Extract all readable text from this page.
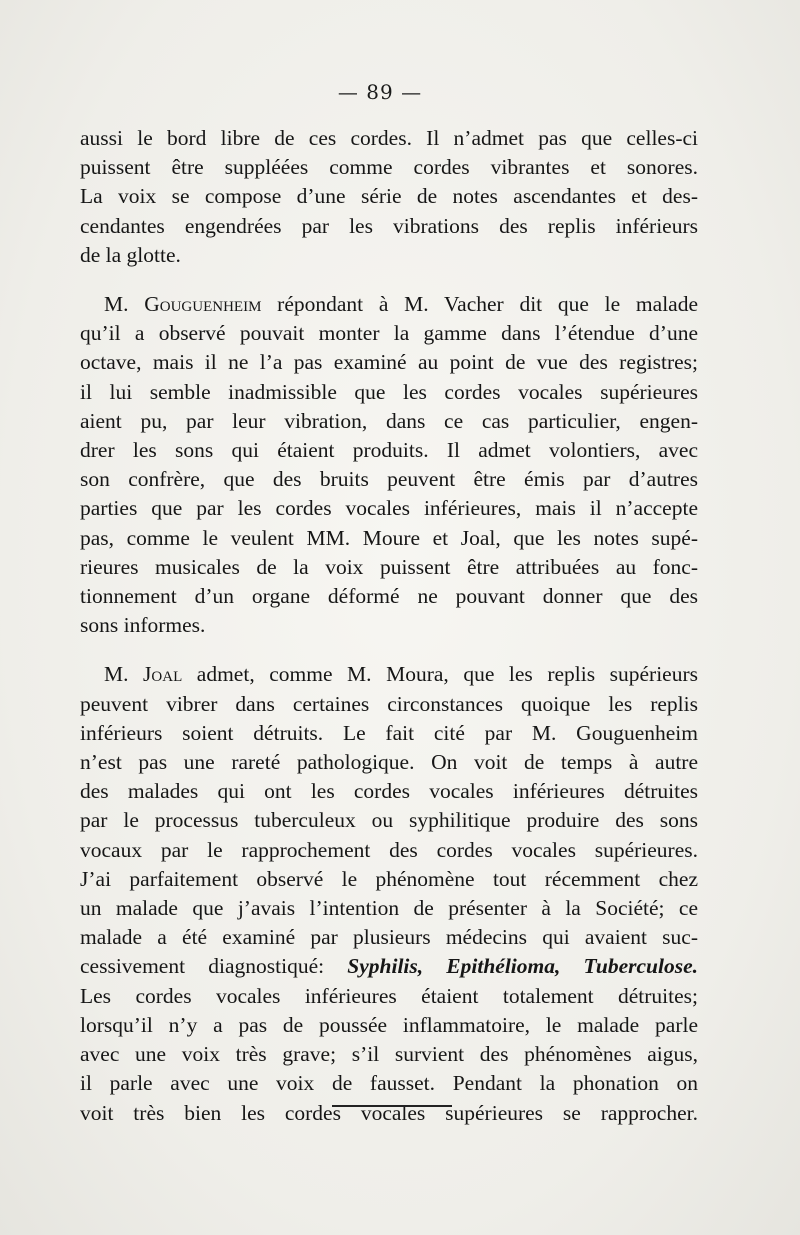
— 89 —

aussi le bord libre de ces cordes. Il n’admet pas que celles-ci
puissent être suppléées comme cordes vibrantes et sonores.
La voix se compose d’une série de notes ascendantes et des-
cendantes engendrées par les vibrations des replis inférieurs
de la glotte.

M. Gouguenheim répondant à M. Vacher dit que le malade
qu’il a observé pouvait monter la gamme dans l’étendue d’une
octave, mais il ne l’a pas examiné au point de vue des registres;
il lui semble inadmissible que les cordes vocales supérieures
aient pu, par leur vibration, dans ce cas particulier, engen-
drer les sons qui étaient produits. Il admet volontiers, avec
son confrère, que des bruits peuvent être émis par d’autres
parties que par les cordes vocales inférieures, mais il n’accepte
pas, comme le veulent MM. Moure et Joal, que les notes supé-
rieures musicales de la voix puissent être attribuées au fonc-
tionnement d’un organe déformé ne pouvant donner que des
sons informes.

M. Joal admet, comme M. Moura, que les replis supérieurs
peuvent vibrer dans certaines circonstances quoique les replis
inférieurs soient détruits. Le fait cité par M. Gouguenheim
n’est pas une rareté pathologique. On voit de temps à autre
des malades qui ont les cordes vocales inférieures détruites
par le processus tuberculeux ou syphilitique produire des sons
vocaux par le rapprochement des cordes vocales supérieures.
J’ai parfaitement observé le phénomène tout récemment chez
un malade que j’avais l’intention de présenter à la Société; ce
malade a été examiné par plusieurs médecins qui avaient suc-
cessivement diagnostiqué: Syphilis, Epithélioma, Tuberculose.
Les cordes vocales inférieures étaient totalement détruites;
lorsqu’il n’y a pas de poussée inflammatoire, le malade parle
avec une voix très grave; s’il survient des phénomènes aigus,
il parle avec une voix de fausset. Pendant la phonation on
voit très bien les cordes vocales supérieures se rapprocher.
